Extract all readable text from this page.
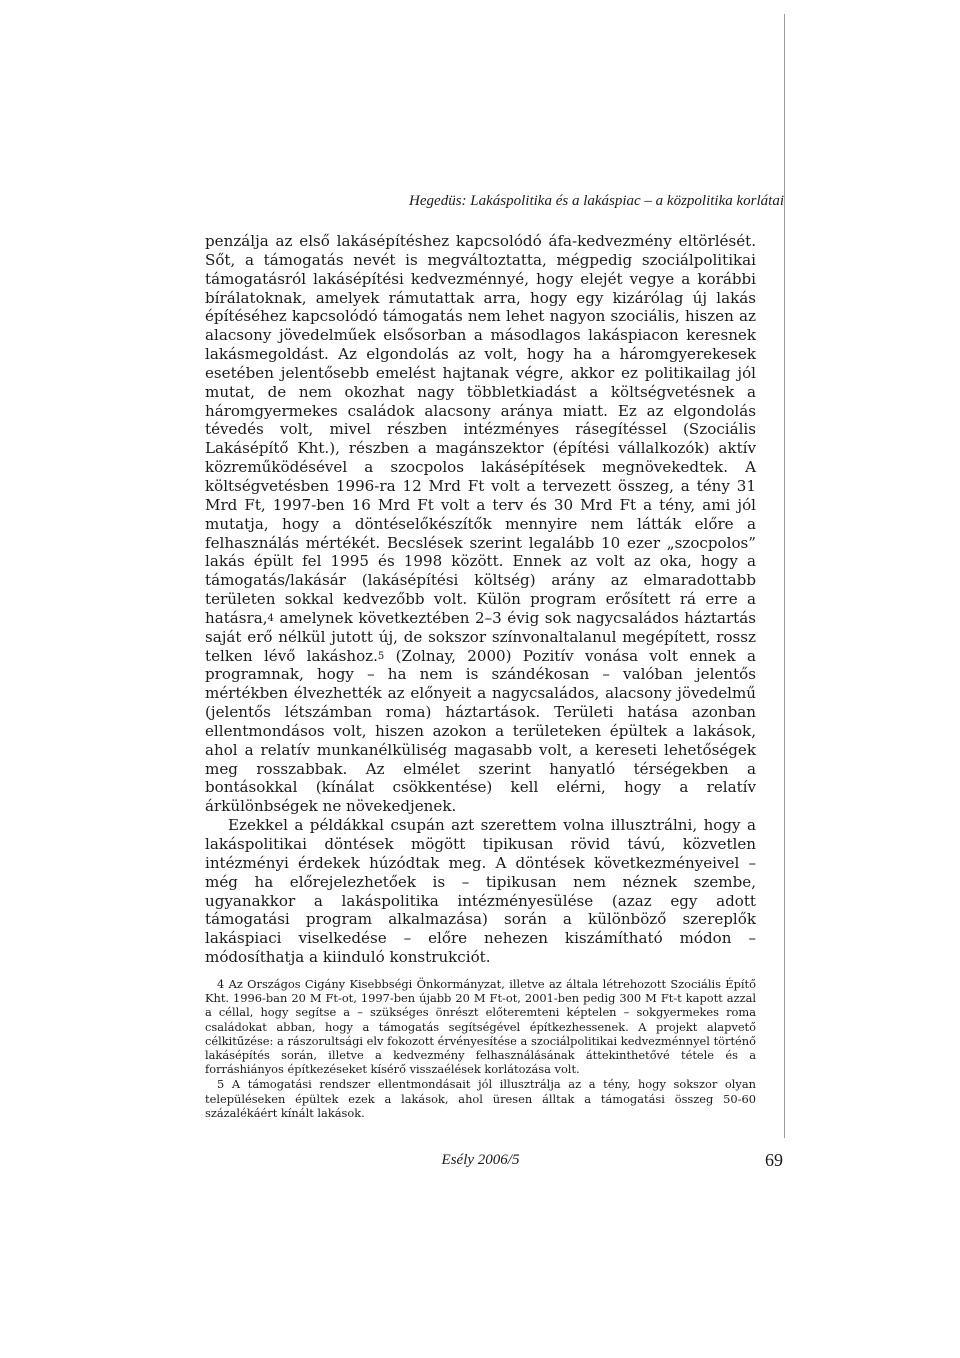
Hegedüs: Lakáspolitika és a lakáspiac – a közpolitika korlátai

penzálja az első lakásépítéshez kapcsolódó áfa-kedvezmény eltörlését. Sőt, a támogatás nevét is megváltoztatta, mégpedig szociálpolitikai támogatásról lakásépítési kedvezménnyé, hogy elejét vegye a korábbi bírálatoknak, amelyek rámutattak arra, hogy egy kizárólag új lakás építéséhez kapcsolódó támogatás nem lehet nagyon szociális, hiszen az alacsony jövedelműek elsősorban a másodlagos lakáspiacon keresnek lakásmegoldást. Az elgondolás az volt, hogy ha a háromgyerekesek esetében jelentősebb emelést hajtanak végre, akkor ez politikailag jól mutat, de nem okozhat nagy többletkiadást a költségvetésnek a háromgyermekes családok alacsony aránya miatt. Ez az elgondolás tévedés volt, mivel részben intézményes rásegítéssel (Szociális Lakásépítő Kht.), részben a magánszektor (építési vállalkozók) aktív közreműködésével a szocpolos lakásépítések megnövekedtek. A költségvetésben 1996-ra 12 Mrd Ft volt a tervezett összeg, a tény 31 Mrd Ft, 1997-ben 16 Mrd Ft volt a terv és 30 Mrd Ft a tény, ami jól mutatja, hogy a döntéselőkészítők mennyire nem látták előre a felhasználás mértékét. Becslések szerint legalább 10 ezer „szocpolos” lakás épült fel 1995 és 1998 között. Ennek az volt az oka, hogy a támogatás/lakásár (lakásépítési költség) arány az elmaradottabb területen sokkal kedvezőbb volt. Külön program erősített rá erre a hatásra,$^4$ amelynek következtében 2–3 évig sok nagycsaládos háztartás saját erő nélkül jutott új, de sokszor színvonaltalanul megépített, rossz telken lévő lakáshoz.$^5$ (Zolnay, 2000) Pozitív vonása volt ennek a programnak, hogy – ha nem is szándékosan – valóban jelentős mértékben élvezhették az előnyeit a nagycsaládos, alacsony jövedelmű (jelentős létszámban roma) háztartások. Területi hatása azonban ellentmondásos volt, hiszen azokon a területeken épültek a lakások, ahol a relatív munkanélküliség magasabb volt, a kereseti lehetőségek meg rosszabbak. Az elmélet szerint hanyatló térségekben a bontásokkal (kínálat csökkentése) kell elérni, hogy a relatív árkülönbségek ne növekedjenek.

Ezekkel a példákkal csupán azt szerettem volna illusztrálni, hogy a lakáspolitikai döntések mögött tipikusan rövid távú, közvetlen intézményi érdekek húzódtak meg. A döntések következményeivel – még ha előrejelezhetőek is – tipikusan nem néznek szembe, ugyanakkor a lakáspolitika intézményesülése (azaz egy adott támogatási program alkalmazása) során a különböző szereplők lakáspiaci viselkedése – előre nehezen kiszámítható módon – módosíthatja a kiinduló konstrukciót.

4 Az Országos Cigány Kisebbségi Önkormányzat, illetve az általa létrehozott Szociális Építő Kht. 1996-ban 20 M Ft-ot, 1997-ben újabb 20 M Ft-ot, 2001-ben pedig 300 M Ft-t kapott azzal a céllal, hogy segítse a – szükséges önrészt előteremteni képtelen – sokgyermekes roma családokat abban, hogy a támogatás segítségével építkezhessenek. A projekt alapvető célkitűzése: a rászorultsági elv fokozott érvényesítése a szociálpolitikai kedvezménnyel történő lakásépítés során, illetve a kedvezmény felhasználásának áttekinthetővé tétele és a forráshiányos építkezéseket kísérő visszaélések korlátozása volt.

5 A támogatási rendszer ellentmondásait jól illusztrálja az a tény, hogy sokszor olyan településeken épültek ezek a lakások, ahol üresen álltak a támogatási összeg 50-60 százalékáért kínált lakások.

Esély 2006/5	69
